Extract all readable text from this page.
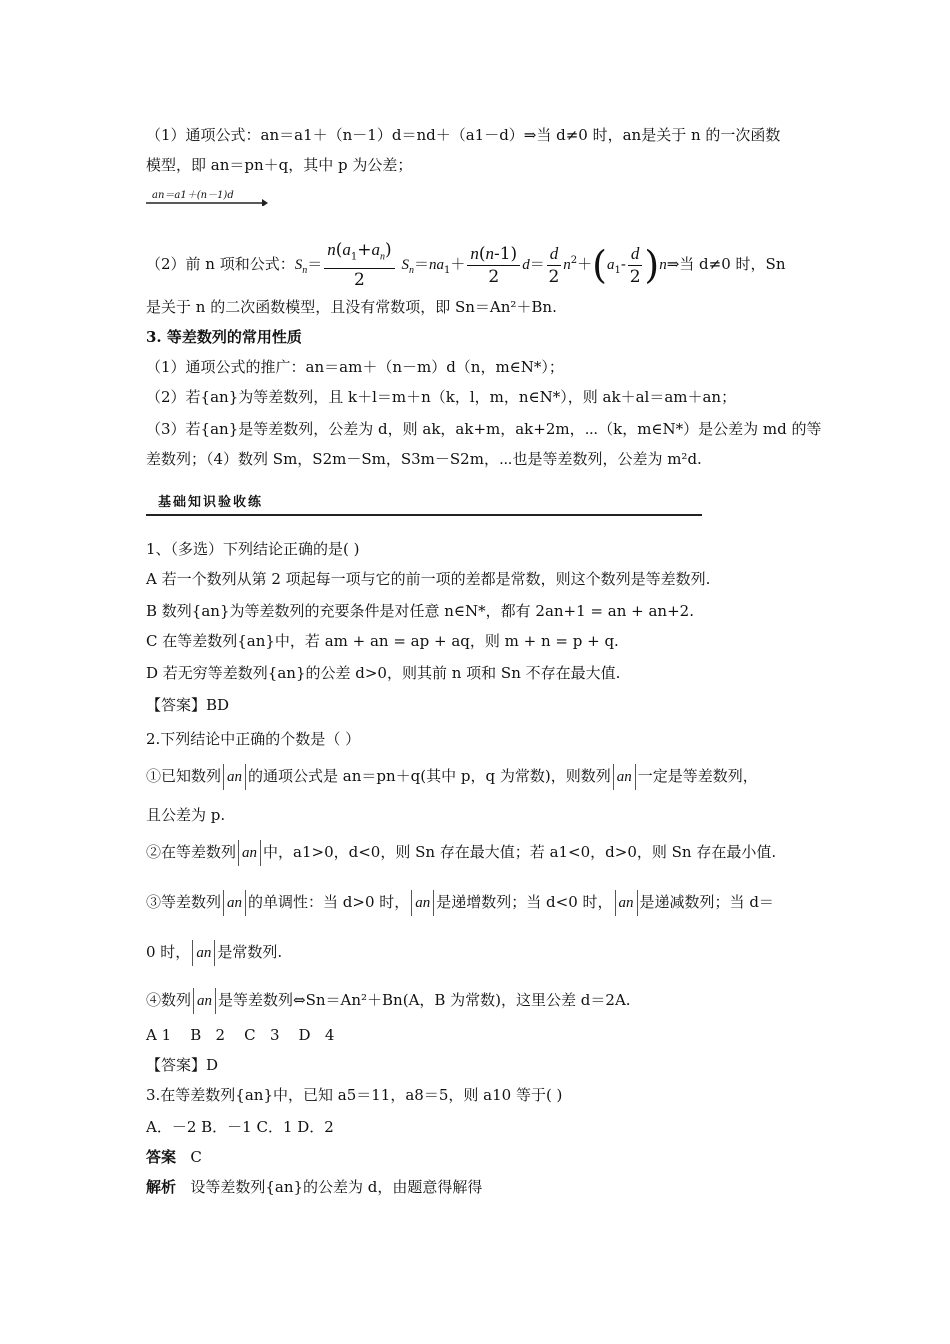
（1）通项公式：an＝a1＋（n－1）d＝nd＋（a1－d）⇒当 d≠0 时，an是关于 n 的一次函数
模型，即 an＝pn＋q，其中 p 为公差；
an＝a1＋(n－1)d
（2）前 n 项和公式：$S_n= \frac{n(a_1+a_n)}{2} S_n=na_1+ \frac{n(n-1)}{2} d= \frac{d}{2} n^2+(a_1- \frac{d}{2}$ )n⇒当 d≠0 时，Sn
是关于 n 的二次函数模型，且没有常数项，即 Sn＝An²＋Bn.
3. 等差数列的常用性质
（1）通项公式的推广：an＝am＋（n－m）d（n，m∈N*）；
（2）若{an}为等差数列，且 k＋l＝m＋n（k，l，m，n∈N*），则 ak＋al＝am＋an；
（3）若{an}是等差数列，公差为 d，则 ak，ak+m，ak+2m，⋯（k，m∈N*）是公差为 md 的等
差数列；（4）数列 Sm，S2m－Sm，S3m－S2m，⋯也是等差数列，公差为 m²d.
基础知识验收练
1、（多选）下列结论正确的是( )
A 若一个数列从第 2 项起每一项与它的前一项的差都是常数，则这个数列是等差数列.
B 数列{an}为等差数列的充要条件是对任意 n∈N*，都有 2an+1 = an + an+2.
C 在等差数列{an}中，若 am + an = ap + aq，则 m + n = p + q.
D 若无穷等差数列{an}的公差 d>0，则其前 n 项和 Sn 不存在最大值.
【答案】BD
2.下列结论中正确的个数是（ ）
①已知数列 an 的通项公式是 an＝pn＋q(其中 p，q 为常数)，则数列 an 一定是等差数列，
且公差为 p.
②在等差数列 an 中，a1>0，d<0，则 Sn 存在最大值；若 a1<0，d>0，则 Sn 存在最小值.
③等差数列 an 的单调性：当 d>0 时， an 是递增数列；当 d<0 时， an 是递减数列；当 d＝
0 时， an 是常数列.
④数列 an 是等差数列⇔Sn＝An²＋Bn(A，B 为常数)，这里公差 d＝2A.
A 1    B   2    C   3    D   4
【答案】D
3.在等差数列{an}中，已知 a5＝11，a8＝5，则 a10 等于( )
A．－2 B．－1 C．1 D．2
答案 C
解析 设等差数列{an}的公差为 d，由题意得解得
